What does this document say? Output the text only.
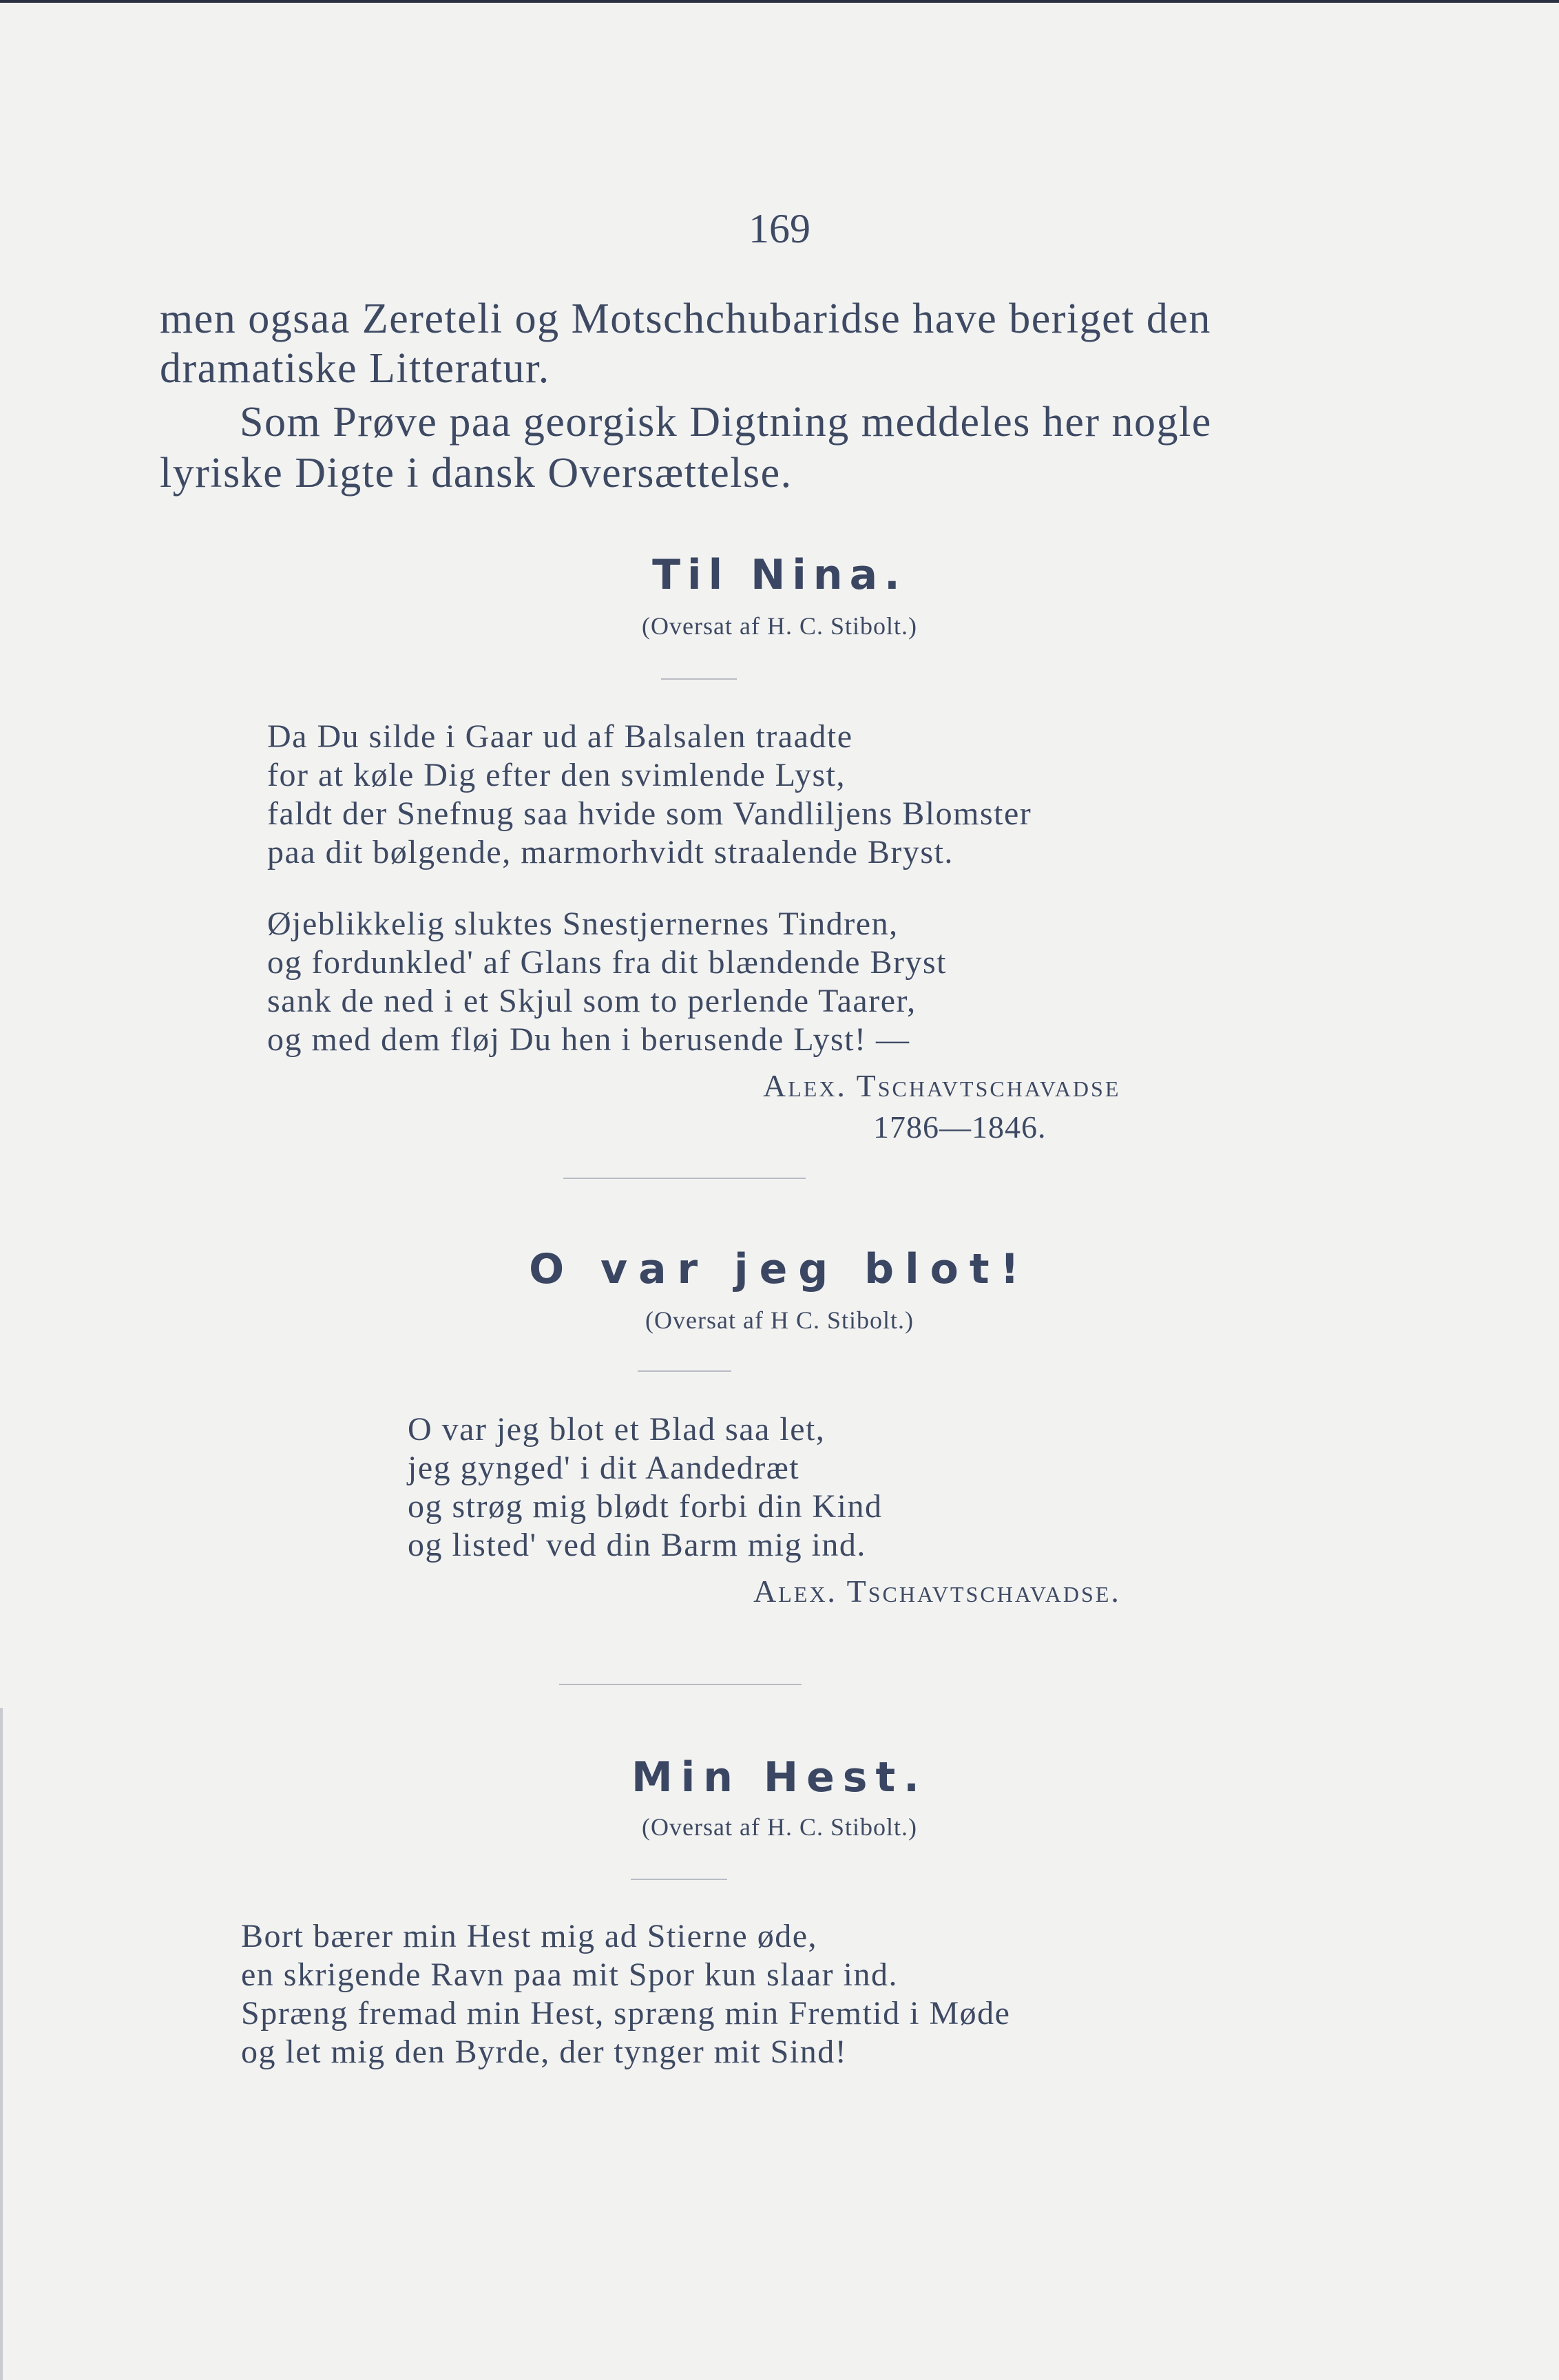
169
men ogsaa Zereteli og Motschchubaridse have beriget den
dramatiske Litteratur.
Som Prøve paa georgisk Digtning meddeles her nogle
lyriske Digte i dansk Oversættelse.
Til Nina.
(Oversat af H. C. Stibolt.)
Da Du silde i Gaar ud af Balsalen traadte
for at køle Dig efter den svimlende Lyst,
faldt der Snefnug saa hvide som Vandliljens Blomster
paa dit bølgende, marmorhvidt straalende Bryst.
Øjeblikkelig sluktes Snestjernernes Tindren,
og fordunkled' af Glans fra dit blændende Bryst
sank de ned i et Skjul som to perlende Taarer,
og med dem fløj Du hen i berusende Lyst! —
Alex. Tschavtschavadse
1786—1846.
O var jeg blot!
(Oversat af H C. Stibolt.)
O var jeg blot et Blad saa let,
jeg gynged' i dit Aandedræt
og strøg mig blødt forbi din Kind
og listed' ved din Barm mig ind.
Alex. Tschavtschavadse.
Min Hest.
(Oversat af H. C. Stibolt.)
Bort bærer min Hest mig ad Stierne øde,
en skrigende Ravn paa mit Spor kun slaar ind.
Spræng fremad min Hest, spræng min Fremtid i Møde
og let mig den Byrde, der tynger mit Sind!
